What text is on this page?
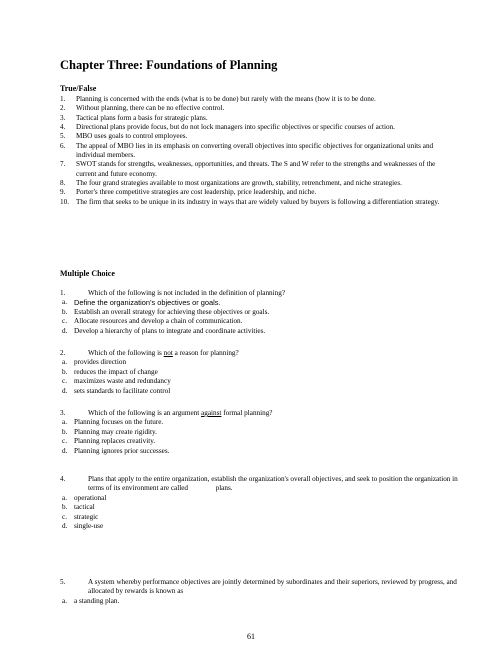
Chapter Three: Foundations of Planning
True/False
1.	Planning is concerned with the ends (what is to be done) but rarely with the means (how it is to be done.
2.	Without planning, there can be no effective control.
3.	Tactical plans form a basis for strategic plans.
4.	Directional plans provide focus, but do not lock managers into specific objectives or specific courses of action.
5.	MBO uses goals to control employees.
6.	The appeal of MBO lies in its emphasis on converting overall objectives into specific objectives for organizational units and individual members.
7.	SWOT stands for strengths, weaknesses, opportunities, and threats. The S and W refer to the strengths and weaknesses of the current and future economy.
8.	The four grand strategies available to most organizations are growth, stability, retrenchment, and niche strategies.
9.	Porter's three competitive strategies are cost leadership, price leadership, and niche.
10. The firm that seeks to be unique in its industry in ways that are widely valued by buyers is following a differentiation strategy.
Multiple Choice
1.	Which of the following is not included in the definition of planning?
a. Define the organization’s objectives or goals.
b. Establish an overall strategy for achieving these objectives or goals.
c. Allocate resources and develop a chain of communication.
d. Develop a hierarchy of plans to integrate and coordinate activities.
2.	Which of the following is not a reason for planning?
a. provides direction
b. reduces the impact of change
c. maximizes waste and redundancy
d. sets standards to facilitate control
3.	Which of the following is an argument against formal planning?
a. Planning focuses on the future.
b. Planning may create rigidity.
c. Planning replaces creativity.
d. Planning ignores prior successes.
4.	Plans that apply to the entire organization, establish the organization's overall objectives, and seek to position the organization in terms of its environment are called	plans.
a. operational
b. tactical
c. strategic
d. single-use
5.	A system whereby performance objectives are jointly determined by subordinates and their superiors, reviewed by progress, and allocated by rewards is known as
a. a standing plan.
61
